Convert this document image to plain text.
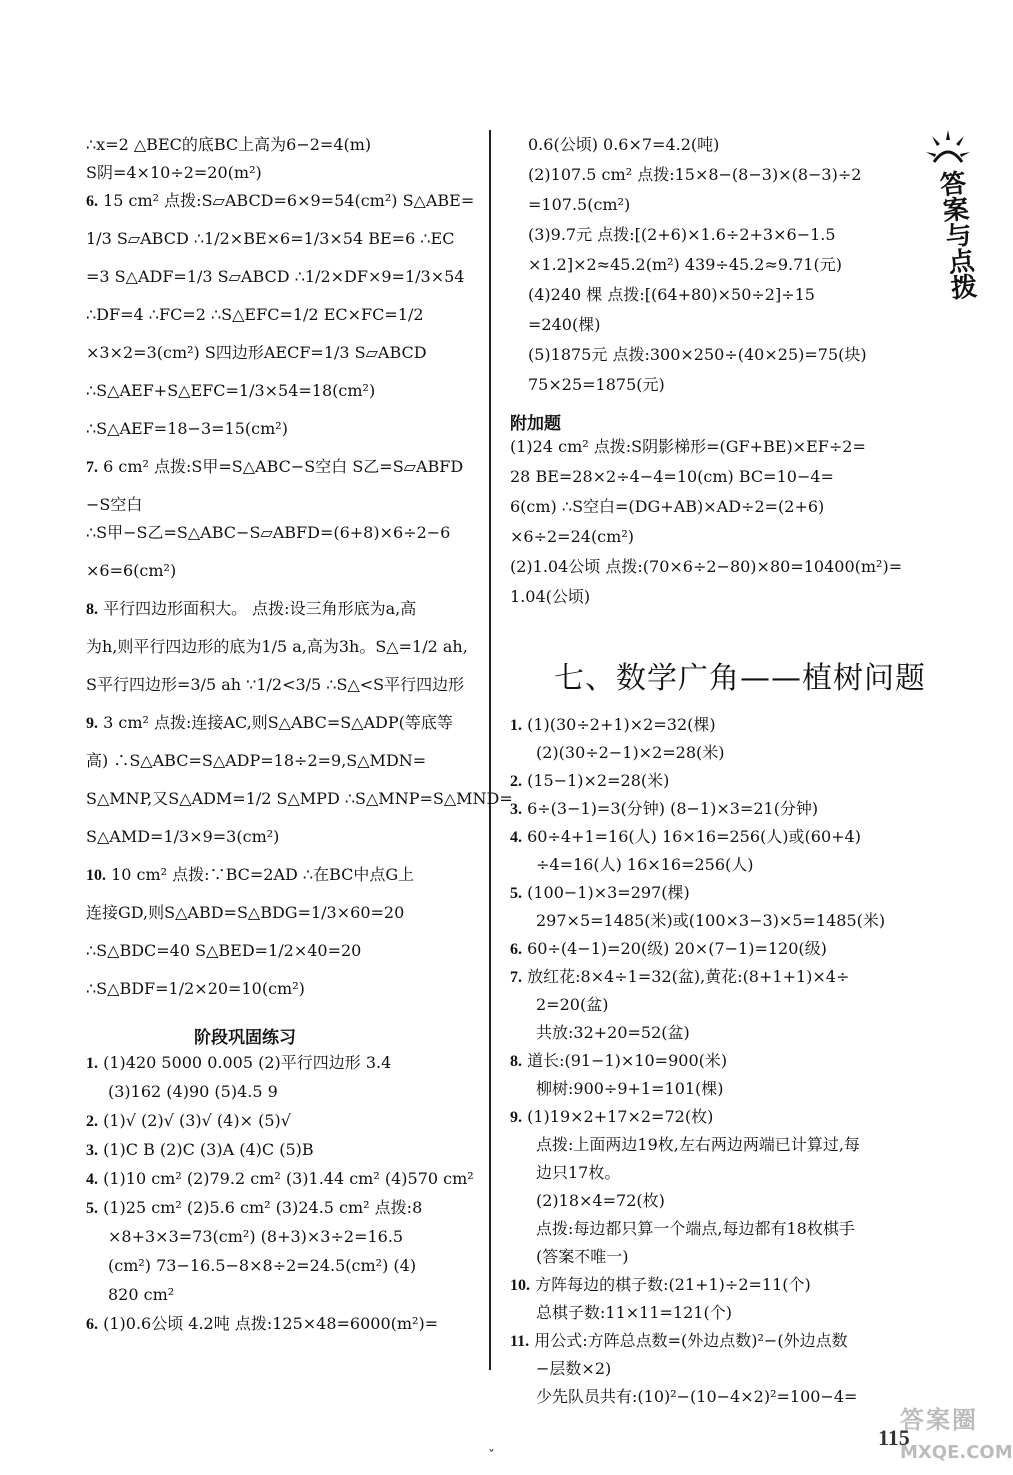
答案与点拨
∴x=2 △BEC的底BC上高为6−2=4(m)
S阴=4×10÷2=20(m²)
6. 15 cm² 点拨:S▱ABCD=6×9=54(cm²) S△ABE=
1/3 S▱ABCD ∴1/2×BE×6=1/3×54 BE=6 ∴EC
=3 S△ADF=1/3 S▱ABCD ∴1/2×DF×9=1/3×54
∴DF=4 ∴FC=2 ∴S△EFC=1/2 EC×FC=1/2
×3×2=3(cm²) S四边形AECF=1/3 S▱ABCD
∴S△AEF+S△EFC=1/3×54=18(cm²)
∴S△AEF=18−3=15(cm²)
7. 6 cm² 点拨:S甲=S△ABC−S空白 S乙=S▱ABFD
−S空白
∴S甲−S乙=S△ABC−S▱ABFD=(6+8)×6÷2−6
×6=6(cm²)
8. 平行四边形面积大。 点拨:设三角形底为a,高
为h,则平行四边形的底为1/5 a,高为3h。S△=1/2 ah,
S平行四边形=3/5 ah ∵1/2<3/5 ∴S△<S平行四边形
9. 3 cm² 点拨:连接AC,则S△ABC=S△ADP(等底等
高) ∴S△ABC=S△ADP=18÷2=9,S△MDN=
S△MNP,又S△ADM=1/2 S△MPD ∴S△MNP=S△MND=
S△AMD=1/3×9=3(cm²)
10. 10 cm² 点拨:∵BC=2AD ∴在BC中点G上
连接GD,则S△ABD=S△BDG=1/3×60=20
∴S△BDC=40 S△BED=1/2×40=20
∴S△BDF=1/2×20=10(cm²)
阶段巩固练习
1. (1)420 5000 0.005 (2)平行四边形 3.4
(3)162 (4)90 (5)4.5 9
2. (1)√ (2)√ (3)√ (4)× (5)√
3. (1)C B (2)C (3)A (4)C (5)B
4. (1)10 cm² (2)79.2 cm² (3)1.44 cm² (4)570 cm²
5. (1)25 cm² (2)5.6 cm² (3)24.5 cm² 点拨:8
×8+3×3=73(cm²) (8+3)×3÷2=16.5
(cm²) 73−16.5−8×8÷2=24.5(cm²) (4)
820 cm²
6. (1)0.6公顷 4.2吨 点拨:125×48=6000(m²)=
0.6(公顷) 0.6×7=4.2(吨)
(2)107.5 cm² 点拨:15×8−(8−3)×(8−3)÷2
=107.5(cm²)
(3)9.7元 点拨:[(2+6)×1.6÷2+3×6−1.5
×1.2]×2≈45.2(m²) 439÷45.2≈9.71(元)
(4)240 棵 点拨:[(64+80)×50÷2]÷15
=240(棵)
(5)1875元 点拨:300×250÷(40×25)=75(块)
75×25=1875(元)
附加题
(1)24 cm² 点拨:S阴影梯形=(GF+BE)×EF÷2=
28 BE=28×2÷4−4=10(cm) BC=10−4=
6(cm) ∴S空白=(DG+AB)×AD÷2=(2+6)
×6÷2=24(cm²)
(2)1.04公顷 点拨:(70×6÷2−80)×80=10400(m²)=
1.04(公顷)
七、数学广角——植树问题
1. (1)(30÷2+1)×2=32(棵)
(2)(30÷2−1)×2=28(米)
2. (15−1)×2=28(米)
3. 6÷(3−1)=3(分钟) (8−1)×3=21(分钟)
4. 60÷4+1=16(人) 16×16=256(人)或(60+4)
÷4=16(人) 16×16=256(人)
5. (100−1)×3=297(棵)
297×5=1485(米)或(100×3−3)×5=1485(米)
6. 60÷(4−1)=20(级) 20×(7−1)=120(级)
7. 放红花:8×4÷1=32(盆),黄花:(8+1+1)×4÷
2=20(盆)
共放:32+20=52(盆)
8. 道长:(91−1)×10=900(米)
柳树:900÷9+1=101(棵)
9. (1)19×2+17×2=72(枚)
点拨:上面两边19枚,左右两边两端已计算过,每
边只17枚。
(2)18×4=72(枚)
点拨:每边都只算一个端点,每边都有18枚棋手
(答案不唯一)
10. 方阵每边的棋子数:(21+1)÷2=11(个)
总棋子数:11×11=121(个)
11. 用公式:方阵总点数=(外边点数)²−(外边点数
−层数×2)
少先队员共有:(10)²−(10−4×2)²=100−4=
ˇ
115
答案圈
MXQE.COM
